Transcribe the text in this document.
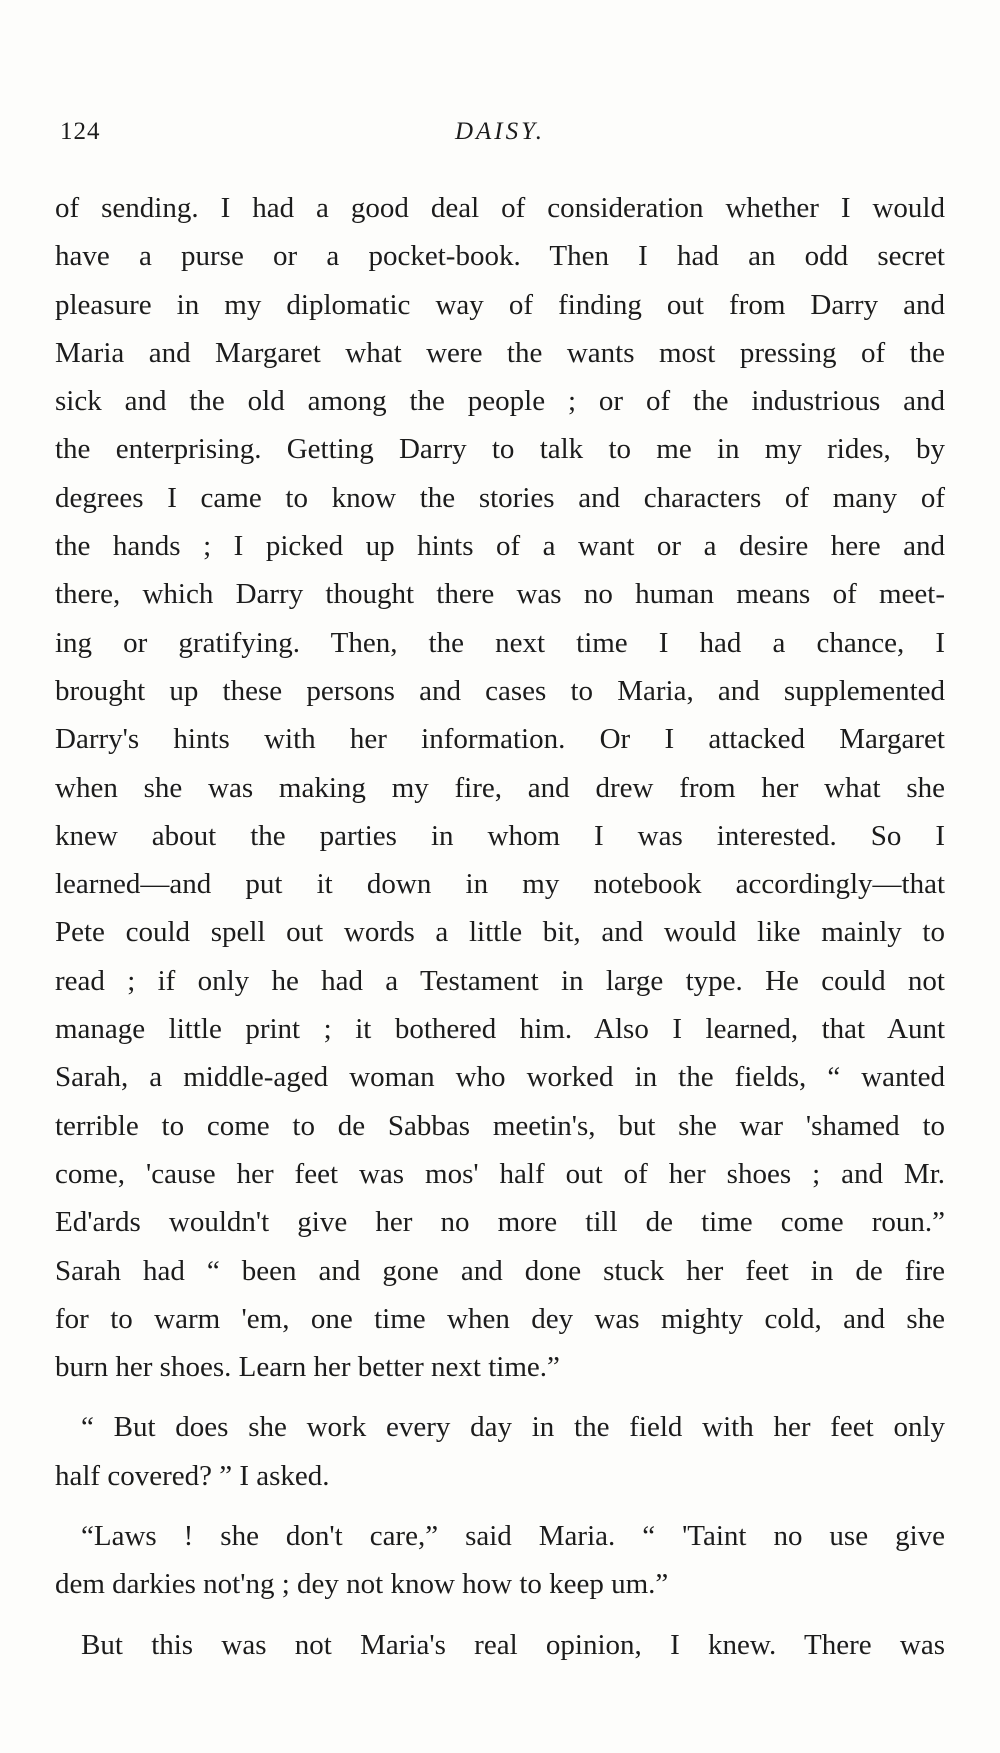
124	DAISY.
of sending. I had a good deal of consideration whether I would
have a purse or a pocket-book. Then I had an odd secret
pleasure in my diplomatic way of finding out from Darry and
Maria and Margaret what were the wants most pressing of the
sick and the old among the people ; or of the industrious and
the enterprising. Getting Darry to talk to me in my rides, by
degrees I came to know the stories and characters of many of
the hands ; I picked up hints of a want or a desire here and
there, which Darry thought there was no human means of meet-
ing or gratifying. Then, the next time I had a chance, I
brought up these persons and cases to Maria, and supplemented
Darry's hints with her information. Or I attacked Margaret
when she was making my fire, and drew from her what she
knew about the parties in whom I was interested. So I
learned—and put it down in my notebook accordingly—that
Pete could spell out words a little bit, and would like mainly to
read ; if only he had a Testament in large type. He could not
manage little print ; it bothered him. Also I learned, that Aunt
Sarah, a middle-aged woman who worked in the fields, “ wanted
terrible to come to de Sabbas meetin's, but she war 'shamed to
come, 'cause her feet was mos' half out of her shoes ; and Mr.
Ed'ards wouldn't give her no more till de time come roun.”
Sarah had “ been and gone and done stuck her feet in de fire
for to warm 'em, one time when dey was mighty cold, and she
burn her shoes. Learn her better next time.”
“ But does she work every day in the field with her feet only
half covered? ” I asked.
“Laws ! she don't care,” said Maria. “ 'Taint no use give
dem darkies not'ng ; dey not know how to keep um.”
But this was not Maria's real opinion, I knew. There was
